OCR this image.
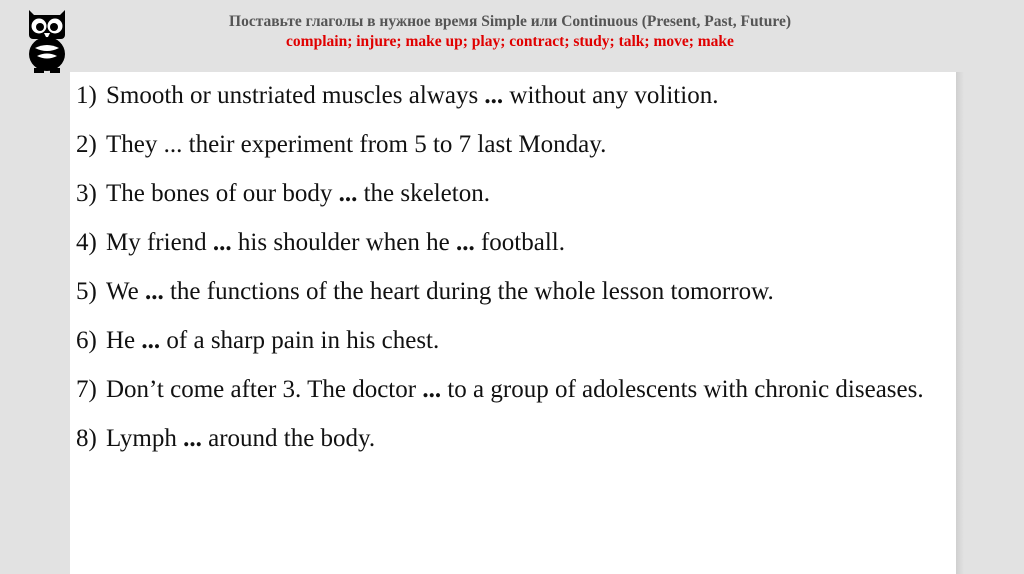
Поставьте глаголы в нужное время Simple или Continuous (Present, Past, Future)
complain; injure; make up; play; contract; study; talk; move; make
1) Smooth or unstriated muscles always ... without any volition.
2) They ... their experiment from 5 to 7 last Monday.
3) The bones of our body ... the skeleton.
4) My friend ... his shoulder when he ... football.
5) We ... the functions of the heart during the whole lesson tomorrow.
6) He ... of a sharp pain in his chest.
7) Don’t come after 3. The doctor ... to a group of adolescents with chronic diseases.
8) Lymph ... around the body.
